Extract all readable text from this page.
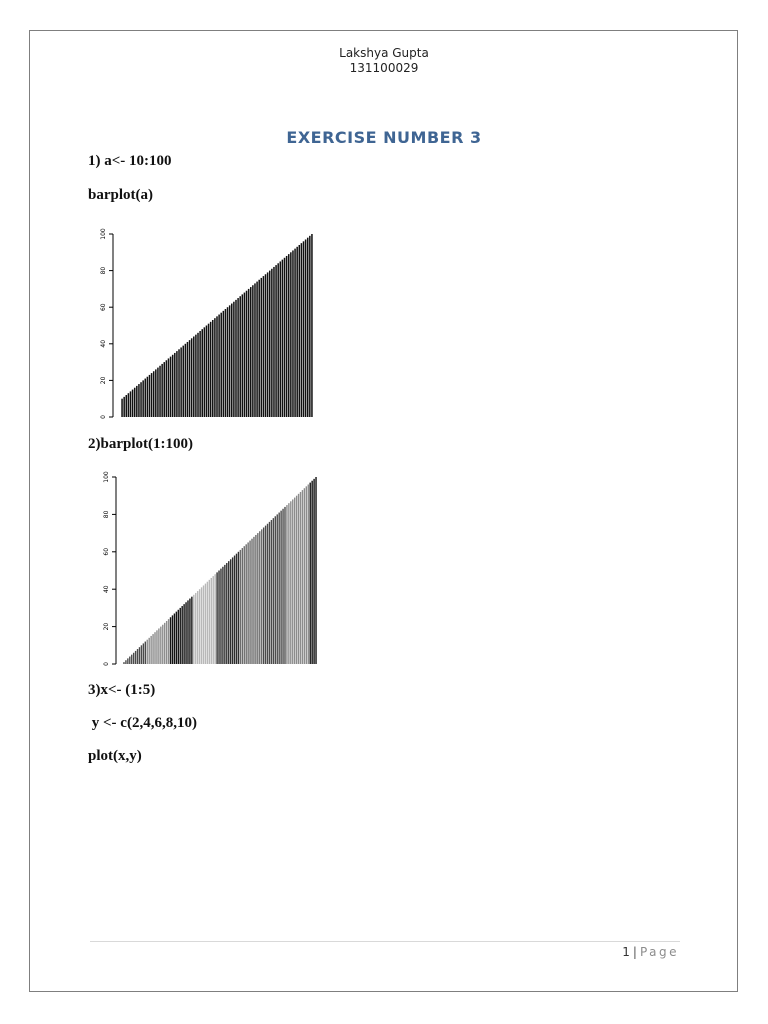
Lakshya Gupta
131100029
EXERCISE NUMBER 3
1) a<- 10:100
barplot(a)
0
20
40
60
80
100
2)barplot(1:100)
0
20
40
60
80
100
3)x<- (1:5)
y <- c(2,4,6,8,10)
plot(x,y)
1 | Page
